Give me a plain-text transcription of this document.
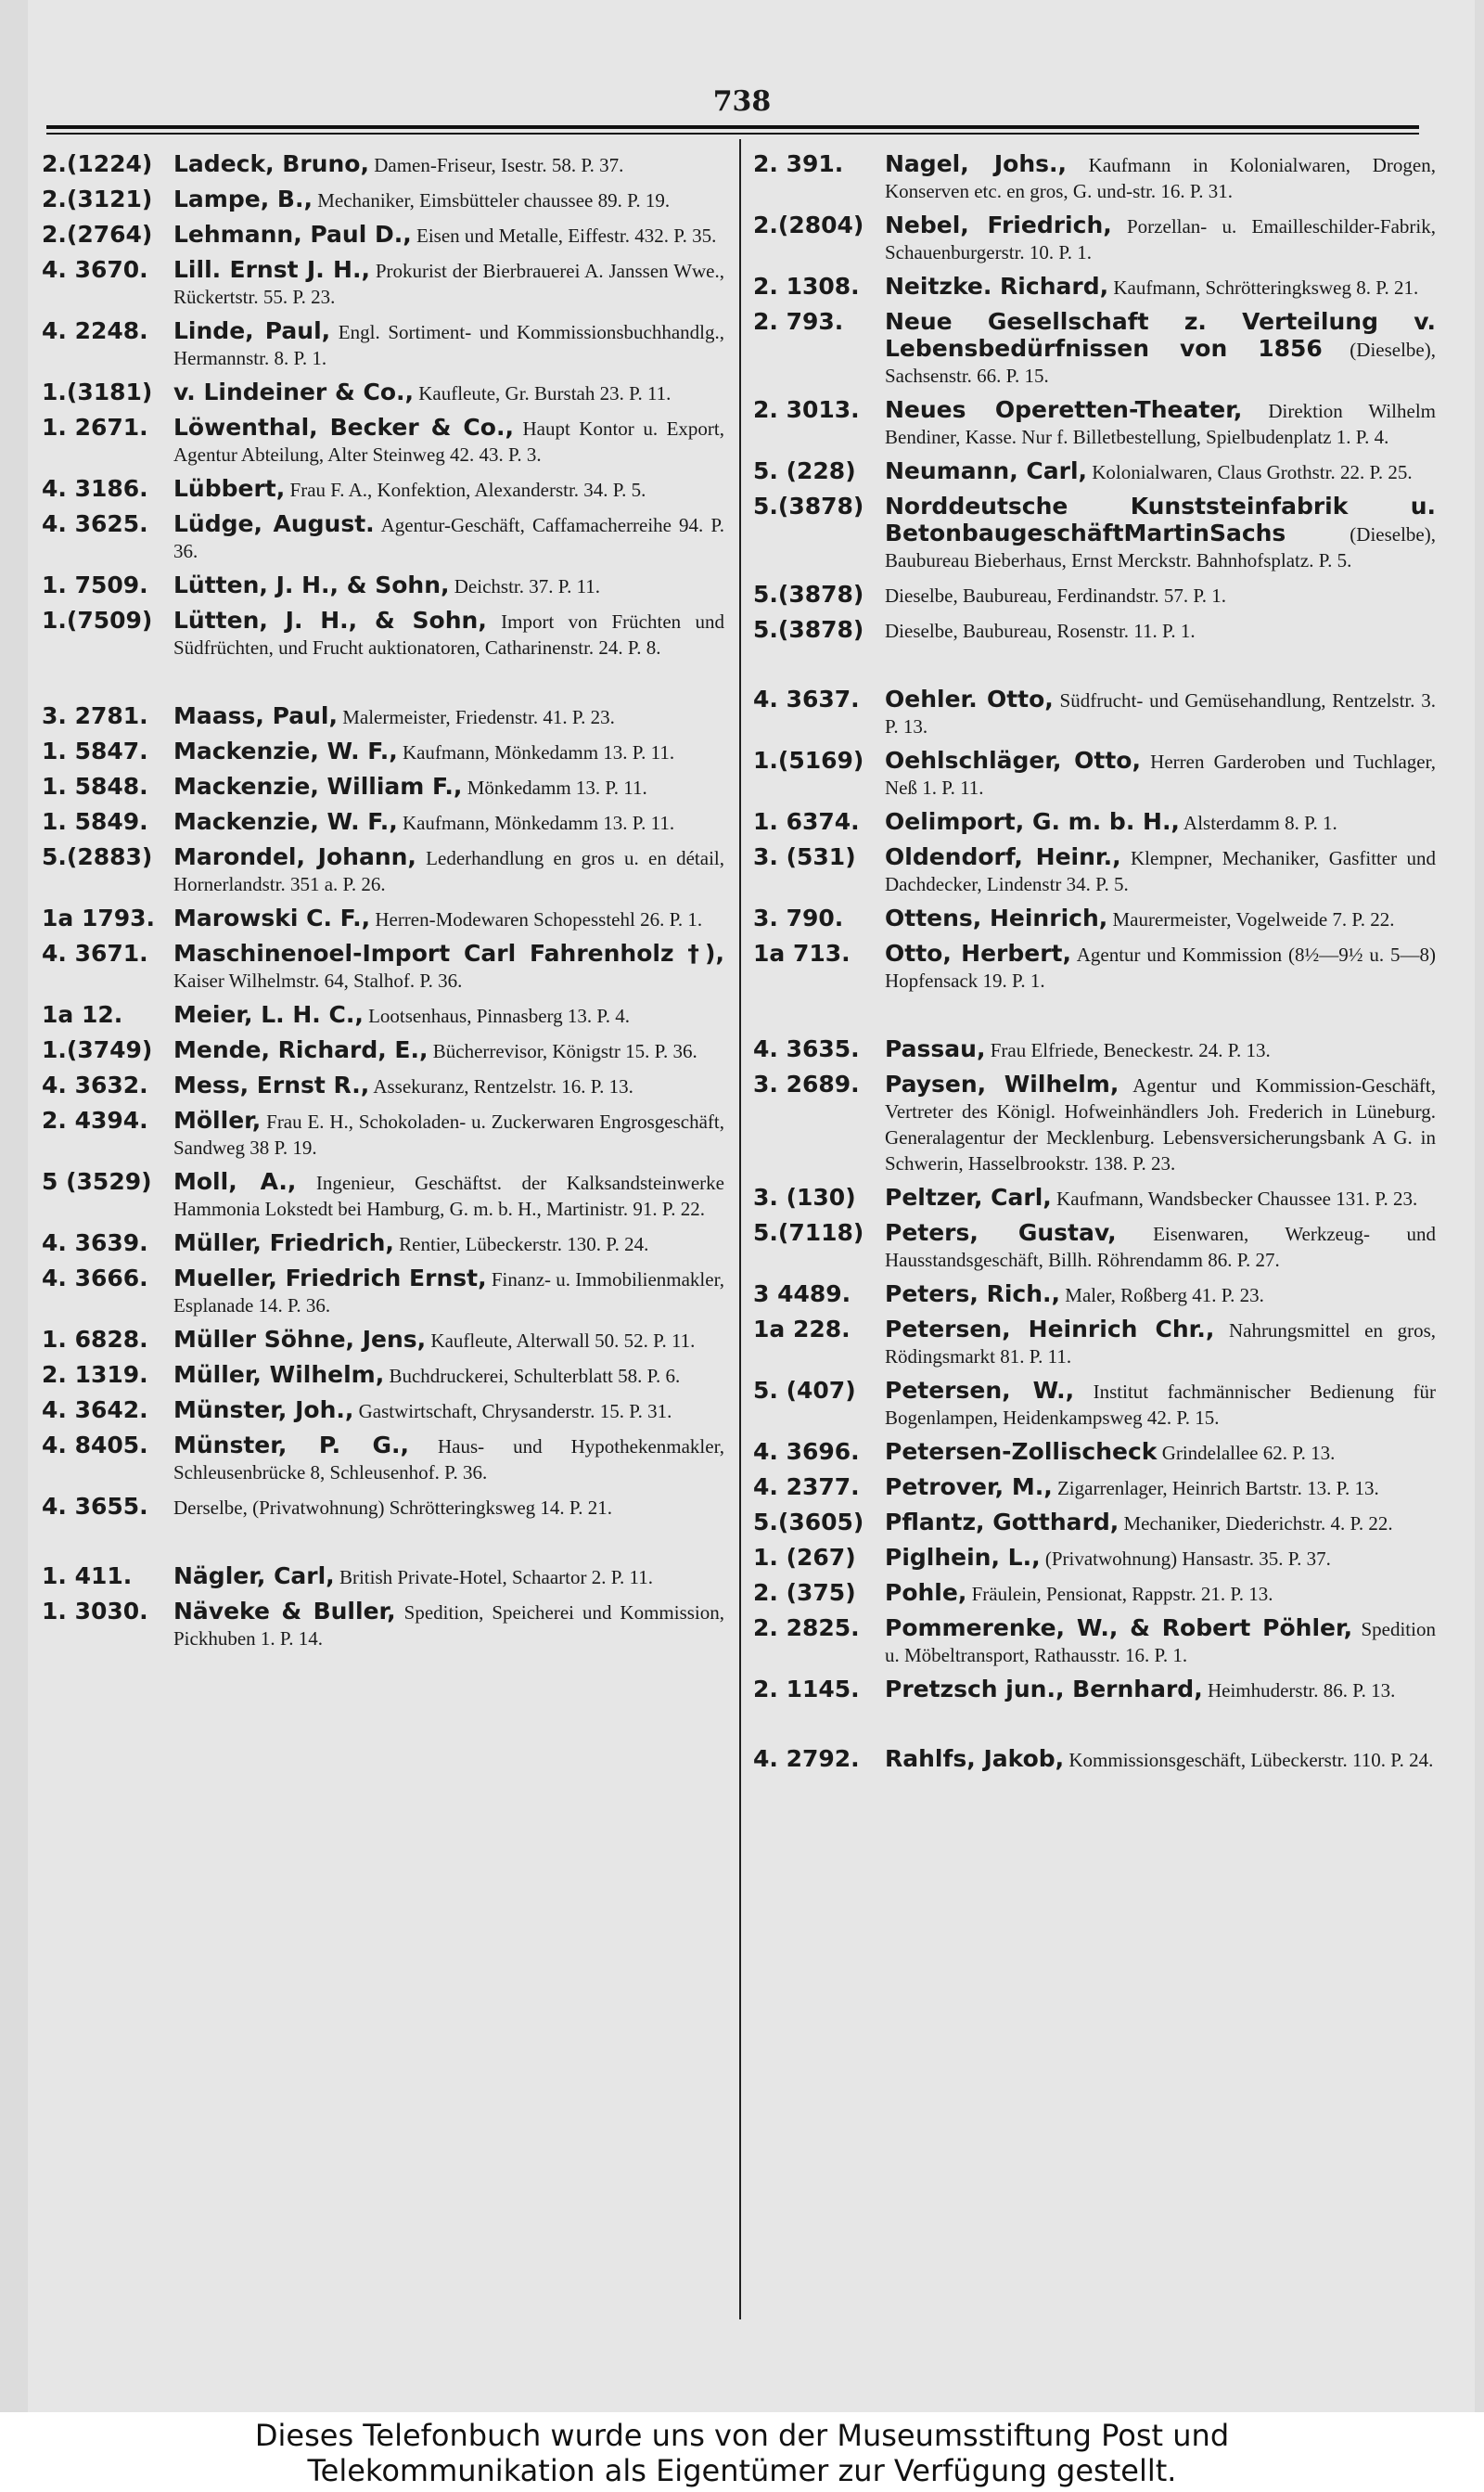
738
2.(1224) Ladeck, Bruno, Damen-Friseur, Isestr. 58. P. 37.
2.(3121) Lampe, B., Mechaniker, Eimsbütteler chaussee 89. P. 19.
2.(2764) Lehmann, Paul D., Eisen und Metalle, Eiffestr. 432. P. 35.
4. 3670. Lill. Ernst J. H., Prokurist der Bierbrauerei A. Janssen Wwe., Rückertstr. 55. P. 23.
4. 2248. Linde, Paul, Engl. Sortiment- und Kommissionsbuchhandlg., Hermannstr. 8. P. 1.
1.(3181) v. Lindeiner & Co., Kaufleute, Gr. Burstah 23. P. 11.
1. 2671. Löwenthal, Becker & Co., Haupt Kontor u. Export, Agentur Abteilung, Alter Steinweg 42. 43. P. 3.
4. 3186. Lübbert, Frau F. A., Konfektion, Alexanderstr. 34. P. 5.
4. 3625. Lüdge, August. Agentur-Geschäft, Caffamacherreihe 94. P. 36.
1. 7509. Lütten, J. H., & Sohn, Deichstr. 37. P. 11.
1.(7509) Lütten, J. H., & Sohn, Import von Früchten und Südfrüchten, und Frucht auktionatoren, Catharinenstr. 24. P. 8.
3. 2781. Maass, Paul, Malermeister, Friedenstr. 41. P. 23.
1. 5847. Mackenzie, W. F., Kaufmann, Mönkedamm 13. P. 11.
1. 5848. Mackenzie, William F., Mönkedamm 13. P. 11.
1. 5849. Mackenzie, W. F., Kaufmann, Mönkedamm 13. P. 11.
5.(2883) Marondel, Johann, Lederhandlung en gros u. en détail, Hornerlandstr. 351 a. P. 26.
1a 1793. Marowski C. F., Herren-Modewaren Schopesstehl 26. P. 1.
4. 3671. Maschinenoel-Import Carl Fahrenholz †), Kaiser Wilhelmstr. 64, Stalhof. P. 36.
1a 12. Meier, L. H. C., Lootsenhaus, Pinnasberg 13. P. 4.
1.(3749) Mende, Richard, E., Bücherrevisor, Königstr 15. P. 36.
4. 3632. Mess, Ernst R., Assekuranz, Rentzelstr. 16. P. 13.
2. 4394. Möller, Frau E. H., Schokoladen- u. Zuckerwaren Engrosgeschäft, Sandweg 38 P. 19.
5 (3529) Moll, A., Ingenieur, Geschäftst. der Kalksandsteinwerke Hammonia Lokstedt bei Hamburg, G. m. b. H., Martinistr. 91. P. 22.
4. 3639. Müller, Friedrich, Rentier, Lübeckerstr. 130. P. 24.
4. 3666. Mueller, Friedrich Ernst, Finanz- u. Immobilienmakler, Esplanade 14. P. 36.
1. 6828. Müller Söhne, Jens, Kaufleute, Alterwall 50. 52. P. 11.
2. 1319. Müller, Wilhelm, Buchdruckerei, Schulterblatt 58. P. 6.
4. 3642. Münster, Joh., Gastwirtschaft, Chrysanderstr. 15. P. 31.
4. 8405. Münster, P. G., Haus- und Hypothekenmakler, Schleusenbrücke 8, Schleusenhof. P. 36.
4. 3655. Derselbe, (Privatwohnung) Schrötteringksweg 14. P. 21.
1. 411. Nägler, Carl, British Private-Hotel, Schaartor 2. P. 11.
1. 3030. Näveke & Buller, Spedition, Speicherei und Kommission, Pickhuben 1. P. 14.
2. 391. Nagel, Johs., Kaufmann in Kolonialwaren, Drogen, Konserven etc. en gros, G. und-str. 16. P. 31.
2.(2804) Nebel, Friedrich, Porzellan- u. Emailleschilder-Fabrik, Schauenburgerstr. 10. P. 1.
2. 1308. Neitzke. Richard, Kaufmann, Schrötteringksweg 8. P. 21.
2. 793. Neue Gesellschaft z. Verteilung v. Lebensbedürfnissen von 1856 (Dieselbe), Sachsenstr. 66. P. 15.
2. 3013. Neues Operetten-Theater, Direktion Wilhelm Bendiner, Kasse. Nur f. Billetbestellung, Spielbudenplatz 1. P. 4.
5. (228) Neumann, Carl, Kolonialwaren, Claus Grothstr. 22. P. 25.
5.(3878) Norddeutsche Kunststeinfabrik u. BetonbaugeschäftMartinSachs (Dieselbe), Baubureau Bieberhaus, Ernst Merckstr. Bahnhofsplatz. P. 5.
5.(3878) Dieselbe, Baubureau, Ferdinandstr. 57. P. 1.
5.(3878) Dieselbe, Baubureau, Rosenstr. 11. P. 1.
4. 3637. Oehler. Otto, Südfrucht- und Gemüsehandlung, Rentzelstr. 3. P. 13.
1.(5169) Oehlschläger, Otto, Herren Garderoben und Tuchlager, Neß 1. P. 11.
1. 6374. Oelimport, G. m. b. H., Alsterdamm 8. P. 1.
3. (531) Oldendorf, Heinr., Klempner, Mechaniker, Gasfitter und Dachdecker, Lindenstr 34. P. 5.
3. 790. Ottens, Heinrich, Maurermeister, Vogelweide 7. P. 22.
1a 713. Otto, Herbert, Agentur und Kommission (8½—9½ u. 5—8) Hopfensack 19. P. 1.
4. 3635. Passau, Frau Elfriede, Beneckestr. 24. P. 13.
3. 2689. Paysen, Wilhelm, Agentur und Kommission-Geschäft, Vertreter des Königl. Hofweinhändlers Joh. Frederich in Lüneburg. Generalagentur der Mecklenburg. Lebensversicherungsbank A G. in Schwerin, Hasselbrookstr. 138. P. 23.
3. (130) Peltzer, Carl, Kaufmann, Wandsbecker Chaussee 131. P. 23.
5.(7118) Peters, Gustav, Eisenwaren, Werkzeug- und Hausstandsgeschäft, Billh. Röhrendamm 86. P. 27.
3 4489. Peters, Rich., Maler, Roßberg 41. P. 23.
1a 228. Petersen, Heinrich Chr., Nahrungsmittel en gros, Rödingsmarkt 81. P. 11.
5. (407) Petersen, W., Institut fachmännischer Bedienung für Bogenlampen, Heidenkampsweg 42. P. 15.
4. 3696. Petersen-Zollischeck Grindelallee 62. P. 13.
4. 2377. Petrover, M., Zigarrenlager, Heinrich Bartstr. 13. P. 13.
5.(3605) Pflantz, Gotthard, Mechaniker, Diederichstr. 4. P. 22.
1. (267) Piglhein, L., (Privatwohnung) Hansastr. 35. P. 37.
2. (375) Pohle, Fräulein, Pensionat, Rappstr. 21. P. 13.
2. 2825. Pommerenke, W., & Robert Pöhler, Spedition u. Möbeltransport, Rathausstr. 16. P. 1.
2. 1145. Pretzsch jun., Bernhard, Heimhuderstr. 86. P. 13.
4. 2792. Rahlfs, Jakob, Kommissionsgeschäft, Lübeckerstr. 110. P. 24.
Dieses Telefonbuch wurde uns von der Museumsstiftung Post und
Telekommunikation als Eigentümer zur Verfügung gestellt.
